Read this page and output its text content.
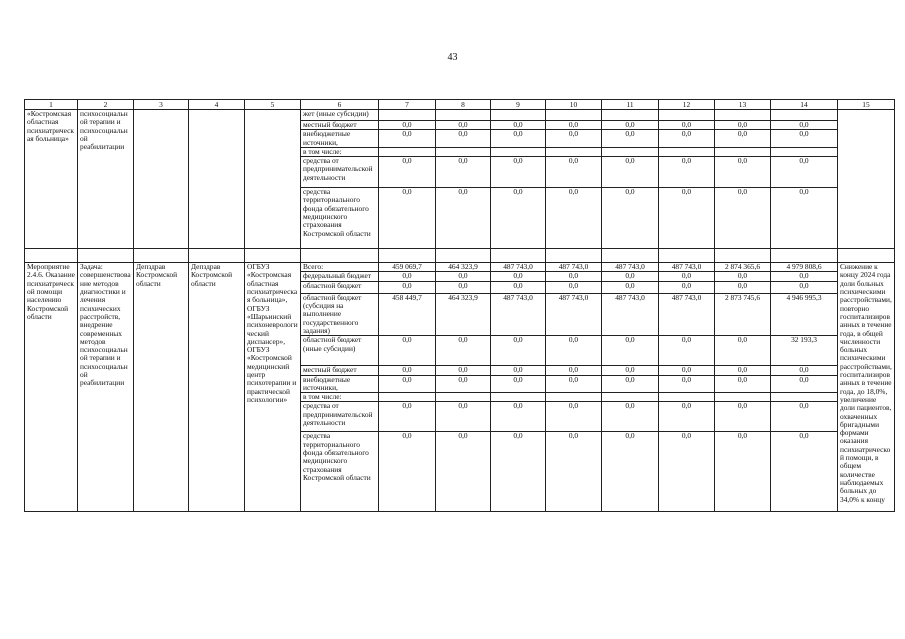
43
1	2	3	4	5	6	7	8	9	10	11	12	13	14	15
«Костромская областная психиатрическая больница»	психосоциальной терапии и психосоциальной реабилитации				жет (иные субсидии)									
					местный бюджет	0,0	0,0	0,0	0,0	0,0	0,0	0,0	0,0	
					внебюджетные источники,	0,0	0,0	0,0	0,0	0,0	0,0	0,0	0,0	
					в том числе:									
					средства от предпринимательской деятельности	0,0	0,0	0,0	0,0	0,0	0,0	0,0	0,0	
					средства территориального фонда обязательного медицинского страхования Костромской области	0,0	0,0	0,0	0,0	0,0	0,0	0,0	0,0	

Мероприятие 2.4.6. Оказание психиатрической помощи населению Костромской области	Задача: совершенствование методов диагностики и лечения психических расстройств, внедрение современных методов психосоциальной терапии и психосоциальной реабилитации	Депздрав Костромской области	Депздрав Костромской области	ОГБУЗ «Костромская областная психиатрическая больница», ОГБУЗ «Шарьинский психоневрологический диспансер», ОГБУЗ «Костромской медицинский центр психотерапии и практической психологии»	Всего:	459 069,7	464 323,9	487 743,0	487 743,0	487 743,0	487 743,0	2 874 365,6	4 979 808,6	Снижение к концу 2024 года доли больных психическими расстройствами, повторно госпитализированных в течение года, в общей численности больных психическими расстройствами, госпитализированных в течение года, до 18,0%, увеличение доли пациентов, охваченных бригадными формами оказания психиатрической помощи, в общем количестве наблюдаемых больных до 34,0% к концу
					федеральный бюджет	0,0	0,0	0,0	0,0	0,0	0,0	0,0	0,0	
					областной бюджет	0,0	0,0	0,0	0,0	0,0	0,0	0,0	0,0	
					областной бюджет (субсидия на выполнение государственного задания)	458 449,7	464 323,9	487 743,0	487 743,0	487 743,0	487 743,0	2 873 745,6	4 946 995,3	
					областной бюджет (иные субсидии)	0,0	0,0	0,0	0,0	0,0	0,0	0,0	32 193,3	
					местный бюджет	0,0	0,0	0,0	0,0	0,0	0,0	0,0	0,0	
					внебюджетные источники,	0,0	0,0	0,0	0,0	0,0	0,0	0,0	0,0	
					в том числе:									
					средства от предпринимательской деятельности	0,0	0,0	0,0	0,0	0,0	0,0	0,0	0,0	
					средства территориального фонда обязательного медицинского страхования Костромской области	0,0	0,0	0,0	0,0	0,0	0,0	0,0	0,0	
